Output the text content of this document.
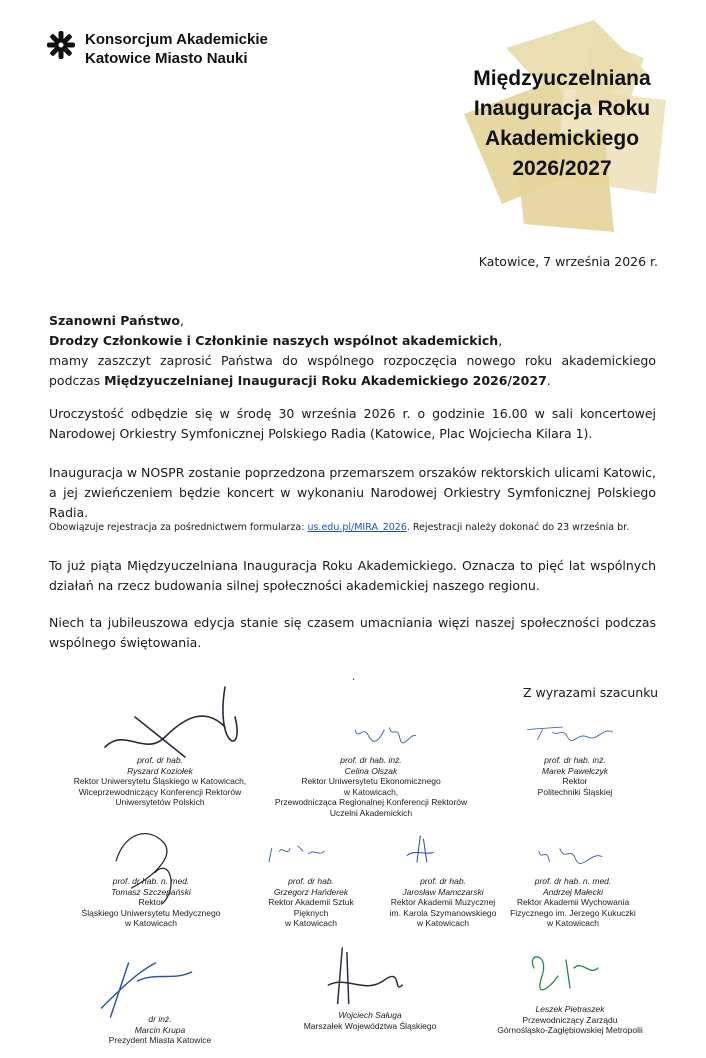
Konsorcjum Akademickie
Katowice Miasto Nauki
Międzyuczelniana
Inauguracja Roku
Akademickiego
2026/2027
Katowice, 7 września 2026 r.
Szanowni Państwo,
Drodzy Członkowie i Członkinie naszych wspólnot akademickich,
mamy zaszczyt zaprosić Państwa do wspólnego rozpoczęcia nowego roku akademickiego podczas Międzyuczelnianej Inauguracji Roku Akademickiego 2026/2027.
Uroczystość odbędzie się w środę 30 września 2026 r. o godzinie 16.00 w sali koncertowej Narodowej Orkiestry Symfonicznej Polskiego Radia (Katowice, Plac Wojciecha Kilara 1).
Inauguracja w NOSPR zostanie poprzedzona przemarszem orszaków rektorskich ulicami Katowic, a jej zwieńczeniem będzie koncert w wykonaniu Narodowej Orkiestry Symfonicznej Polskiego Radia.
Obowiązuje rejestracja za pośrednictwem formularza: us.edu.pl/MIRA_2026. Rejestracji należy dokonać do 23 września br.
To już piąta Międzyuczelniana Inauguracja Roku Akademickiego. Oznacza to pięć lat wspólnych działań na rzecz budowania silnej społeczności akademickiej naszego regionu.
Niech ta jubileuszowa edycja stanie się czasem umacniania więzi naszej społeczności podczas wspólnego świętowania.
.
Z wyrazami szacunku
prof. dr hab.
Ryszard Koziołek
Rektor Uniwersytetu Śląskiego w Katowicach,
Wiceprzewodniczący Konferencji Rektorów
Uniwersytetów Polskich
prof. dr hab. inż.
Celina Olszak
Rektor Uniwersytetu Ekonomicznego
w Katowicach,
Przewodnicząca Regionalnej Konferencji Rektorów
Uczelni Akademickich
prof. dr hab. inż.
Marek Pawełczyk
Rektor
Politechniki Śląskiej
prof. dr hab. n. med.
Tomasz Szczepański
Rektor
Śląskiego Uniwersytetu Medycznego
w Katowicach
prof. dr hab.
Grzegorz Hańderek
Rektor Akademii Sztuk
Pięknych
w Katowicach
prof. dr hab.
Jarosław Mamczarski
Rektor Akademii Muzycznej
im. Karola Szymanowskiego
w Katowicach
prof. dr hab. n. med.
Andrzej Małecki
Rektor Akademii Wychowania
Fizycznego im. Jerzego Kukuczki
w Katowicach
dr inż.
Marcin Krupa
Prezydent Miasta Katowice
Wojciech Saługa
Marszałek Województwa Śląskiego
Leszek Pietraszek
Przewodniczący Zarządu
Górnośląsko-Zagłębiowskiej Metropolii
